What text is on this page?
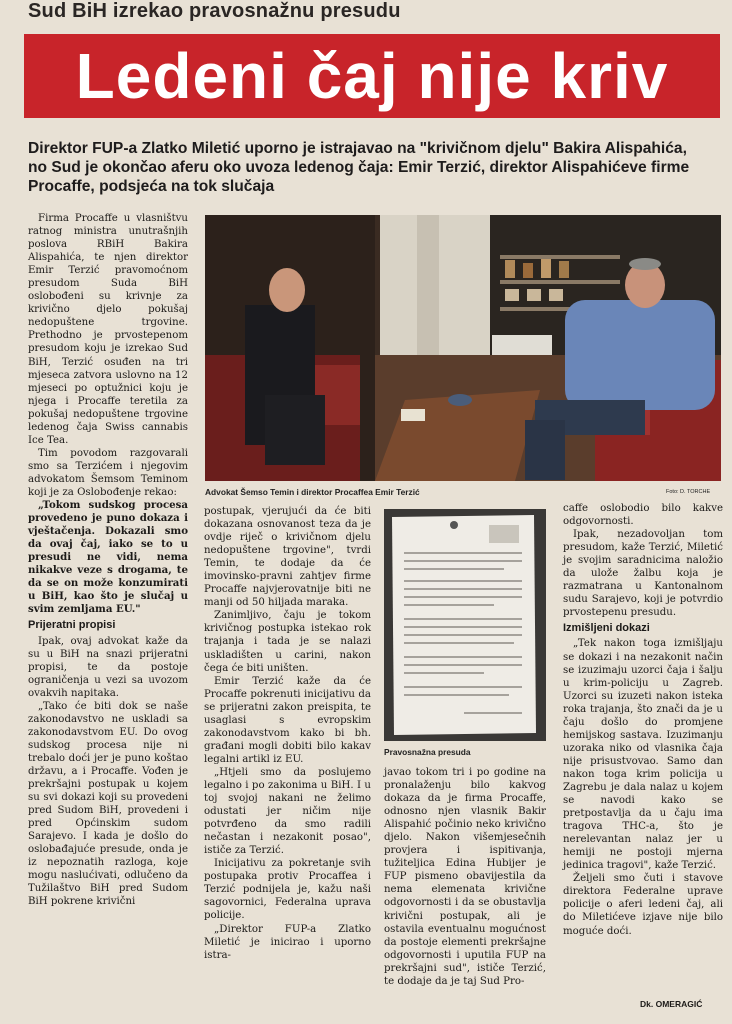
Sud BiH izrekao pravosnažnu presudu
Ledeni čaj nije kriv
Direktor FUP-a Zlatko Miletić uporno je istrajavao na "krivičnom djelu" Bakira Alispahića, no Sud je okončao aferu oko uvoza ledenog čaja: Emir Terzić, direktor Alispahićeve firme Procaffe, podsjeća na tok slučaja

Firma Procaffe u vlasništvu ratnog ministra unutrašnjih poslova RBiH Bakira Alispahića, te njen direktor Emir Terzić pravomoćnom presudom Suda BiH oslobođeni su krivnje za krivično djelo pokušaj nedopuštene trgovine. Prethodno je prvostepenom presudom koju je izrekao Sud BiH, Terzić osuđen na tri mjeseca zatvora uslovno na 12 mjeseci po optužnici koju je njega i Procaffe teretila za pokušaj nedopuštene trgovine ledenog čaja Swiss cannabis Ice Tea.

Tim povodom razgovarali smo sa Terzićem i njegovim advokatom Šemsom Teminom koji je za Oslobođenje rekao:

„Tokom sudskog procesa provedeno je puno dokaza i vještačenja. Dokazali smo da ovaj čaj, iako se to u presudi ne vidi, nema nikakve veze s drogama, te da se on može konzumirati u BiH, kao što je slučaj u svim zemljama EU."

Prijeratni propisi

Ipak, ovaj advokat kaže da su u BiH na snazi prijeratni propisi, te da postoje ograničenja u vezi sa uvozom ovakvih napitaka.

„Tako će biti dok se naše zakonodavstvo ne uskladi sa zakonodavstvom EU. Do ovog sudskog procesa nije ni trebalo doći jer je puno koštao državu, a i Procaffe. Vođen je prekršajni postupak u kojem su svi dokazi koji su provedeni pred Sudom BiH, provedeni i pred Općinskim sudom Sarajevo. I kada je došlo do oslobađajuće presude, onda je iz nepoznatih razloga, koje mogu naslućivati, odlučeno da Tužilaštvo BiH pred Sudom BiH pokrene krivični

Advokat Šemso Temin i direktor Procaffea Emir Terzić	Foto: D. TORCHE

postupak, vjerujući da će biti dokazana osnovanost teza da je ovdje riječ o krivičnom djelu nedopuštene trgovine", tvrdi Temin, te dodaje da će imovinsko-pravni zahtjev firme Procaffe najvjerovatnije biti ne manji od 50 hiljada maraka.

Zanimljivo, čaju je tokom krivičnog postupka istekao rok trajanja i tada je se nalazi uskladišten u carini, nakon čega će biti uništen.

Emir Terzić kaže da će Procaffe pokrenuti inicijativu da se prijeratni zakon preispita, te usaglasi s evropskim zakonodavstvom kako bi bh. građani mogli dobiti bilo kakav legalni artikl iz EU.

„Htjeli smo da poslujemo legalno i po zakonima u BiH. I u toj svojoj nakani ne želimo odustati jer ničim nije potvrđeno da smo radili nečastan i nezakonit posao", ističe za Terzić.

Inicijativu za pokretanje svih postupaka protiv Procaffea i Terzić podnijela je, kažu naši sagovornici, Federalna uprava policije.

„Direktor FUP-a Zlatko Miletić je inicirao i uporno istra-

Pravosnažna presuda

javao tokom tri i po godine na pronalaženju bilo kakvog dokaza da je firma Procaffe, odnosno njen vlasnik Bakir Alispahić počinio neko krivično djelo. Nakon višemjesečnih provjera i ispitivanja, tužiteljica Edina Hubijer je FUP pismeno obavijestila da nema elemenata krivične odgovornosti i da se obustavlja krivični postupak, ali je ostavila eventualnu mogućnost da postoje elementi prekršajne odgovornosti i uputila FUP na prekršajni sud", ističe Terzić, te dodaje da je taj Sud Pro-

caffe oslobodio bilo kakve odgovornosti.

Ipak, nezadovoljan tom presudom, kaže Terzić, Miletić je svojim saradnicima naložio da ulože žalbu koja je razmatrana u Kantonalnom sudu Sarajevo, koji je potvrdio prvostepenu presudu.

Izmišljeni dokazi

„Tek nakon toga izmišljaju se dokazi i na nezakonit način se izuzimaju uzorci čaja i šalju u krim-policiju u Zagreb. Uzorci su izuzeti nakon isteka roka trajanja, što znači da je u čaju došlo do promjene hemijskog sastava. Izuzimanju uzoraka niko od vlasnika čaja nije prisustvovao. Samo dan nakon toga krim policija u Zagrebu je dala nalaz u kojem se navodi kako se pretpostavlja da u čaju ima tragova THC-a, što je nerelevantan nalaz jer u hemiji ne postoji mjerna jedinica tragovi", kaže Terzić.

Željeli smo čuti i stavove direktora Federalne uprave policije o aferi ledeni čaj, ali do Miletićeve izjave nije bilo moguće doći.

Dk. OMERAGIĆ
